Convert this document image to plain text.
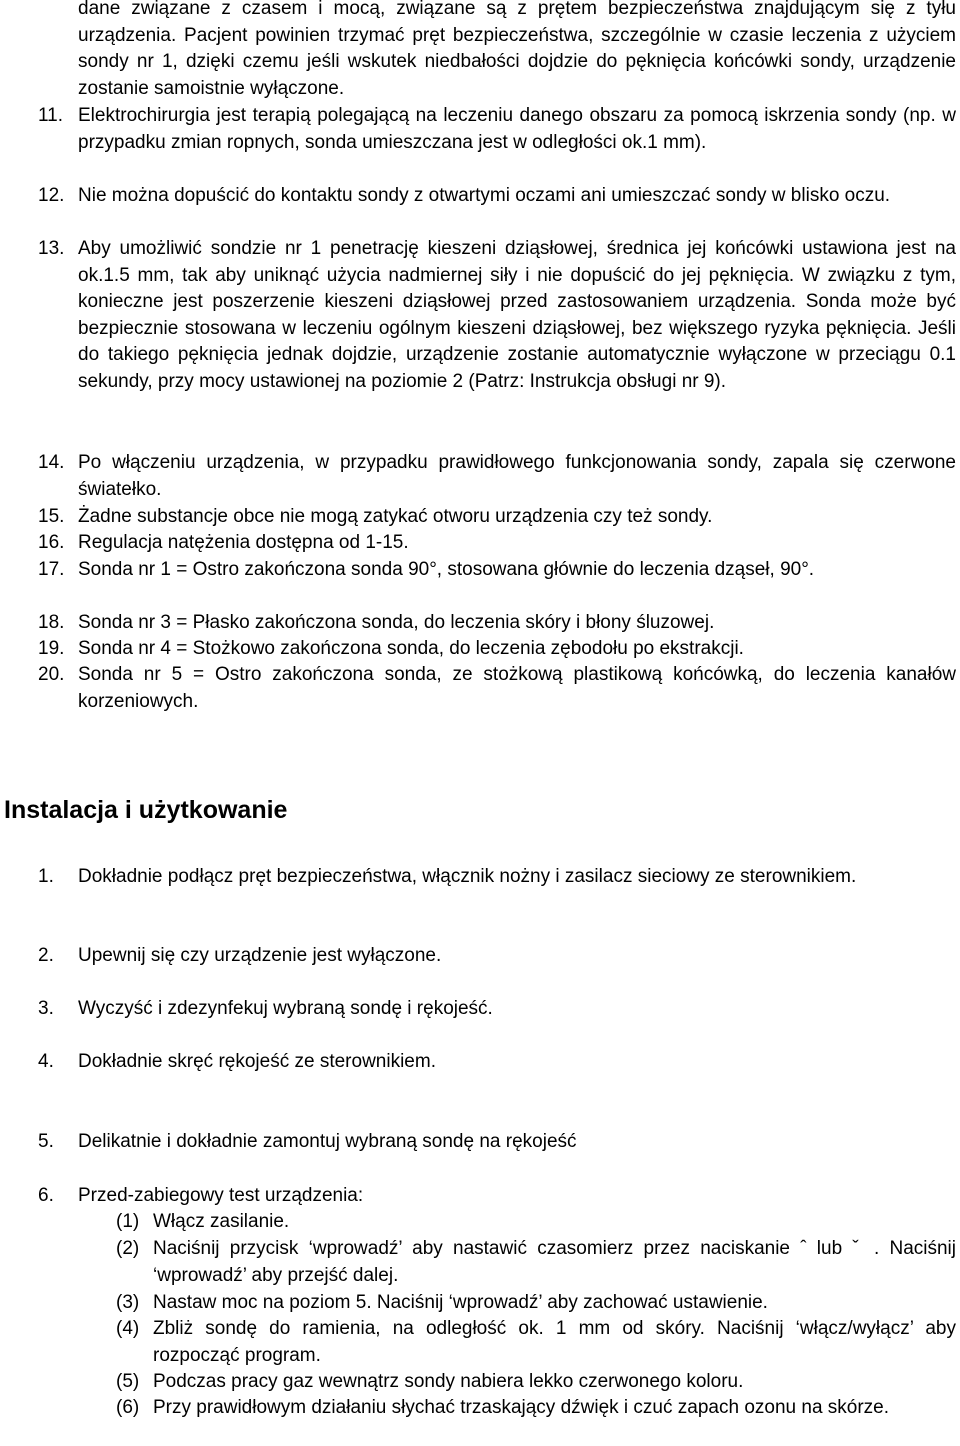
dane związane z czasem i mocą, związane są z prętem bezpieczeństwa znajdującym się z tyłu urządzenia. Pacjent powinien trzymać pręt bezpieczeństwa, szczególnie w czasie leczenia z użyciem sondy nr 1, dzięki czemu jeśli wskutek niedbałości dojdzie do pęknięcia końcówki sondy, urządzenie zostanie samoistnie wyłączone.
11. Elektrochirurgia jest terapią polegającą na leczeniu danego obszaru za pomocą iskrzenia sondy (np. w przypadku zmian ropnych, sonda umieszczana jest w odległości ok.1 mm).
12. Nie można dopuścić do kontaktu sondy z otwartymi oczami ani umieszczać sondy w blisko oczu.
13. Aby umożliwić sondzie nr 1 penetrację kieszeni dziąsłowej, średnica jej końcówki ustawiona jest na ok.1.5 mm, tak aby uniknąć użycia nadmiernej siły i nie dopuścić do jej pęknięcia. W związku z tym, konieczne jest poszerzenie kieszeni dziąsłowej przed zastosowaniem urządzenia. Sonda może być bezpiecznie stosowana w leczeniu ogólnym kieszeni dziąsłowej, bez większego ryzyka pęknięcia. Jeśli do takiego pęknięcia jednak dojdzie, urządzenie zostanie automatycznie wyłączone w przeciągu 0.1 sekundy, przy mocy ustawionej na poziomie 2 (Patrz: Instrukcja obsługi nr 9).
14. Po włączeniu urządzenia, w przypadku prawidłowego funkcjonowania sondy, zapala się czerwone światełko.
15. Żadne substancje obce nie mogą zatykać otworu urządzenia czy też sondy.
16. Regulacja natężenia dostępna od 1-15.
17. Sonda nr 1 = Ostro zakończona sonda 90°, stosowana głównie do leczenia dząseł, 90°.
18. Sonda nr 3 = Płasko zakończona sonda, do leczenia skóry i błony śluzowej.
19. Sonda nr 4 = Stożkowo zakończona sonda, do leczenia zębodołu po ekstrakcji.
20. Sonda nr 5 = Ostro zakończona sonda, ze stożkową plastikową końcówką, do leczenia kanałów korzeniowych.
Instalacja i użytkowanie
1. Dokładnie podłącz pręt bezpieczeństwa, włącznik nożny i zasilacz sieciowy ze sterownikiem.
2. Upewnij się czy urządzenie jest wyłączone.
3. Wyczyść i zdezynfekuj wybraną sondę i rękojeść.
4. Dokładnie skręć rękojeść ze sterownikiem.
5. Delikatnie i dokładnie zamontuj wybraną sondę na rękojeść
6. Przed-zabiegowy test urządzenia:
(1) Włącz zasilanie.
(2) Naciśnij przycisk ‘wprowadź’ aby nastawić czasomierz przez naciskanie ˆ lub ˇ . Naciśnij ‘wprowadź’ aby przejść dalej.
(3) Nastaw moc na poziom 5. Naciśnij ‘wprowadź’ aby zachować ustawienie.
(4) Zbliż sondę do ramienia, na odległość ok. 1 mm od skóry. Naciśnij ‘włącz/wyłącz’ aby rozpocząć program.
(5) Podczas pracy gaz wewnątrz sondy nabiera lekko czerwonego koloru.
(6) Przy prawidłowym działaniu słychać trzaskający dźwięk i czuć zapach ozonu na skórze.
